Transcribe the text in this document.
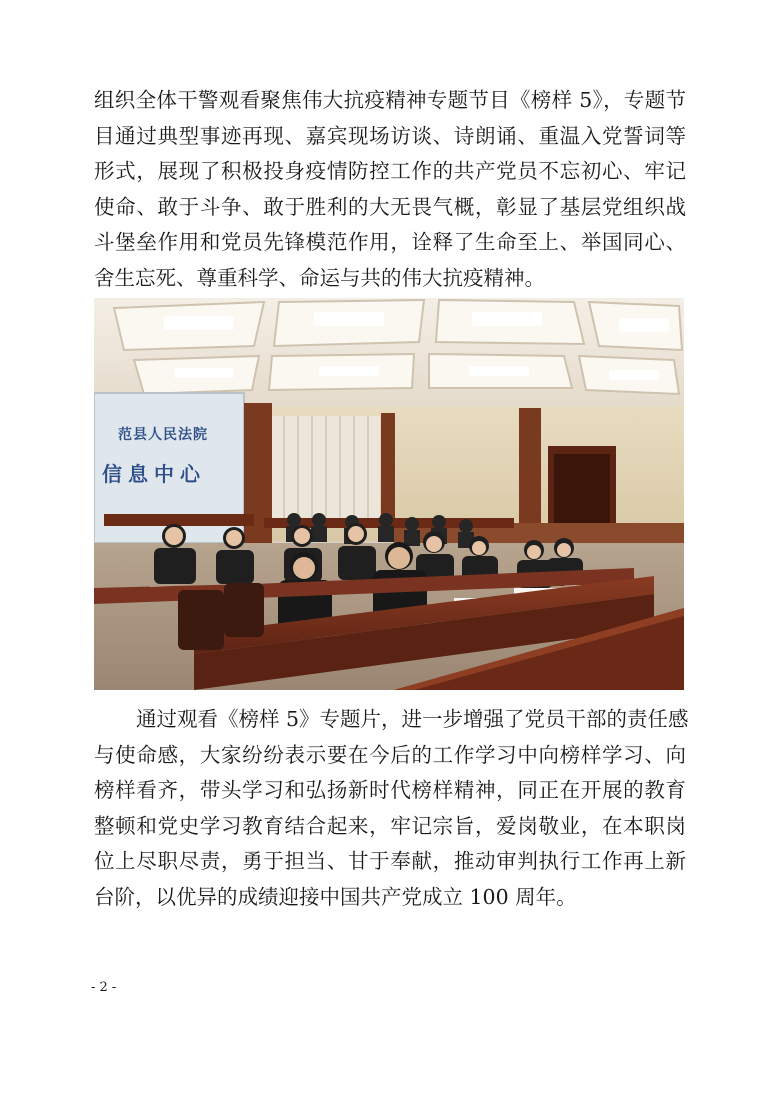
组织全体干警观看聚焦伟大抗疫精神专题节目《榜样 5》，专题节
目通过典型事迹再现、嘉宾现场访谈、诗朗诵、重温入党誓词等
形式，展现了积极投身疫情防控工作的共产党员不忘初心、牢记
使命、敢于斗争、敢于胜利的大无畏气概，彰显了基层党组织战
斗堡垒作用和党员先锋模范作用，诠释了生命至上、举国同心、
舍生忘死、尊重科学、命运与共的伟大抗疫精神。
范县人民法院
信息中心
通过观看《榜样 5》专题片，进一步增强了党员干部的责任感
与使命感，大家纷纷表示要在今后的工作学习中向榜样学习、向
榜样看齐，带头学习和弘扬新时代榜样精神，同正在开展的教育
整顿和党史学习教育结合起来，牢记宗旨，爱岗敬业，在本职岗
位上尽职尽责，勇于担当、甘于奉献，推动审判执行工作再上新
台阶，以优异的成绩迎接中国共产党成立 100 周年。
- 2 -
